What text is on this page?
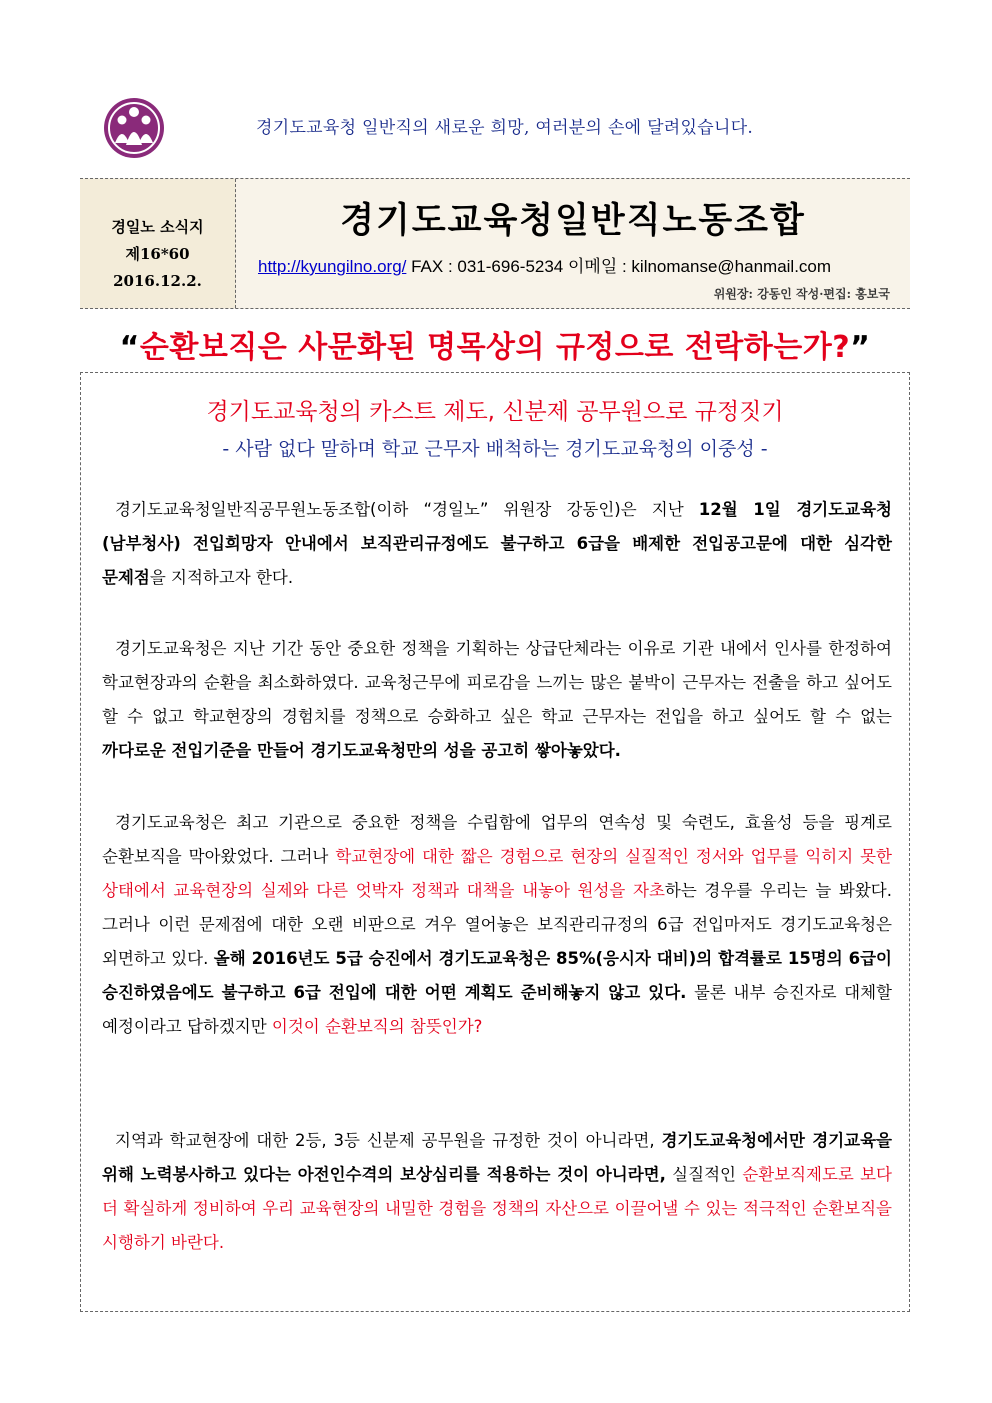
경기도교육청 일반직의 새로운 희망, 여러분의 손에 달려있습니다.
경일노 소식지
제16*60
2016.12.2.
경기도교육청일반직노동조합
http://kyungilno.org/ FAX : 031-696-5234 이메일 : kilnomanse@hanmail.com
위원장: 강동인 작성·편집: 홍보국
“순환보직은 사문화된 명목상의 규정으로 전락하는가?”
경기도교육청의 카스트 제도, 신분제 공무원으로 규정짓기
- 사람 없다 말하며 학교 근무자 배척하는 경기도교육청의 이중성 -
경기도교육청일반직공무원노동조합(이하 “경일노” 위원장 강동인)은 지난 12월 1일 경기도교육청(남부청사) 전입희망자 안내에서 보직관리규정에도 불구하고 6급을 배제한 전입공고문에 대한 심각한 문제점을 지적하고자 한다.
경기도교육청은 지난 기간 동안 중요한 정책을 기획하는 상급단체라는 이유로 기관 내에서 인사를 한정하여 학교현장과의 순환을 최소화하였다. 교육청근무에 피로감을 느끼는 많은 붙박이 근무자는 전출을 하고 싶어도 할 수 없고 학교현장의 경험치를 정책으로 승화하고 싶은 학교 근무자는 전입을 하고 싶어도 할 수 없는 까다로운 전입기준을 만들어 경기도교육청만의 성을 공고히 쌓아놓았다.
경기도교육청은 최고 기관으로 중요한 정책을 수립함에 업무의 연속성 및 숙련도, 효율성 등을 핑계로 순환보직을 막아왔었다. 그러나 학교현장에 대한 짧은 경험으로 현장의 실질적인 정서와 업무를 익히지 못한 상태에서 교육현장의 실제와 다른 엇박자 정책과 대책을 내놓아 원성을 자초하는 경우를 우리는 늘 봐왔다. 그러나 이런 문제점에 대한 오랜 비판으로 겨우 열어놓은 보직관리규정의 6급 전입마저도 경기도교육청은 외면하고 있다. 올해 2016년도 5급 승진에서 경기도교육청은 85%(응시자 대비)의 합격률로 15명의 6급이 승진하였음에도 불구하고 6급 전입에 대한 어떤 계획도 준비해놓지 않고 있다. 물론 내부 승진자로 대체할 예정이라고 답하겠지만 이것이 순환보직의 참뜻인가?
지역과 학교현장에 대한 2등, 3등 신분제 공무원을 규정한 것이 아니라면, 경기도교육청에서만 경기교육을 위해 노력봉사하고 있다는 아전인수격의 보상심리를 적용하는 것이 아니라면, 실질적인 순환보직제도로 보다 더 확실하게 정비하여 우리 교육현장의 내밀한 경험을 정책의 자산으로 이끌어낼 수 있는 적극적인 순환보직을 시행하기 바란다.
